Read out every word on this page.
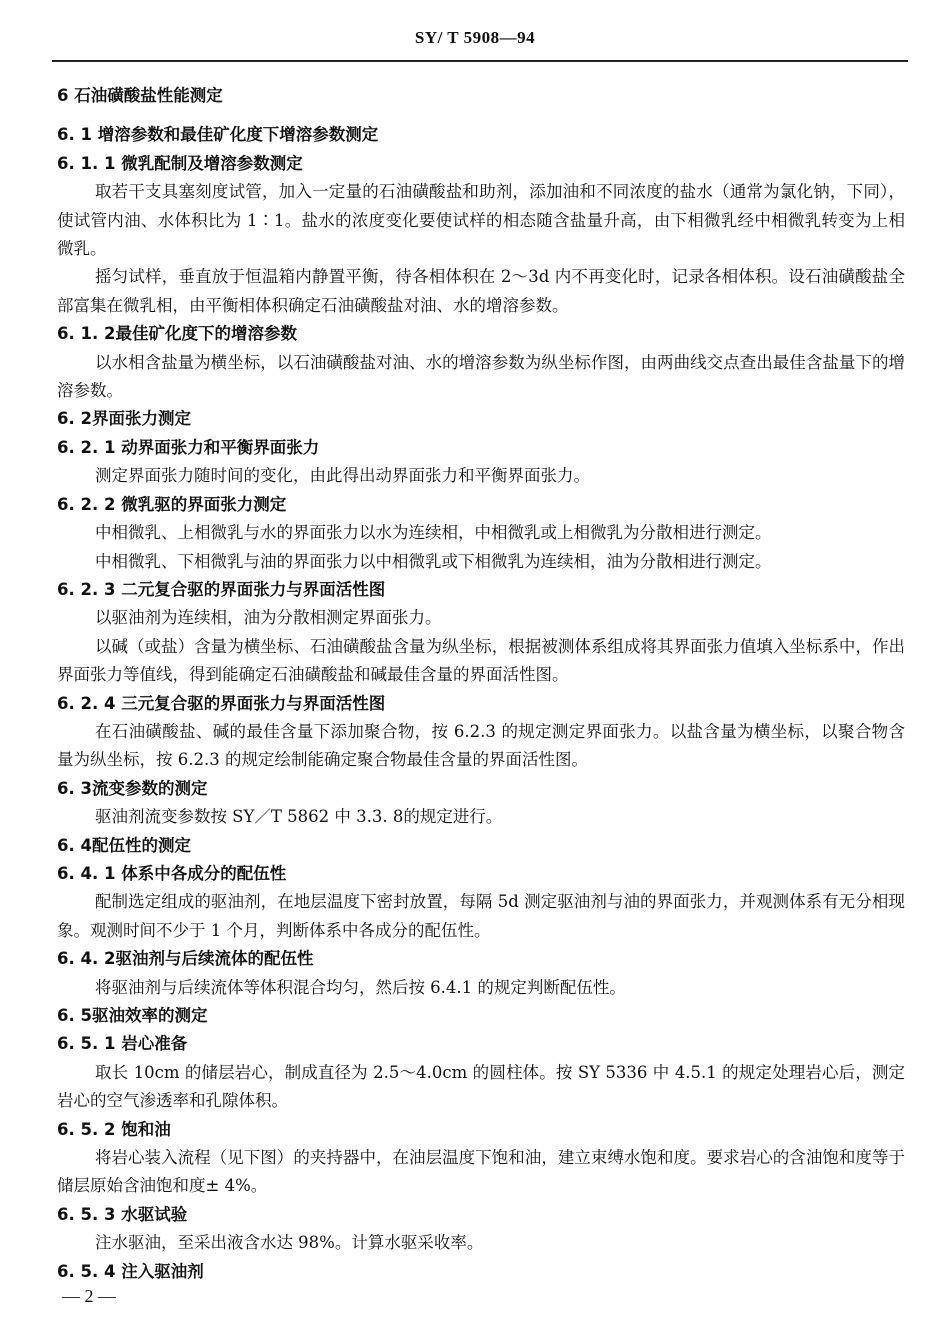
SY/ T 5908—94

6 石油磺酸盐性能测定

6. 1 增溶参数和最佳矿化度下增溶参数测定

6. 1. 1 微乳配制及增溶参数测定

取若干支具塞刻度试管，加入一定量的石油磺酸盐和助剂，添加油和不同浓度的盐水（通常为氯化钠，下同），使试管内油、水体积比为 1∶1。盐水的浓度变化要使试样的相态随含盐量升高，由下相微乳经中相微乳转变为上相微乳。

摇匀试样，垂直放于恒温箱内静置平衡，待各相体积在 2～3d 内不再变化时，记录各相体积。设石油磺酸盐全部富集在微乳相，由平衡相体积确定石油磺酸盐对油、水的增溶参数。

6. 1. 2最佳矿化度下的增溶参数

以水相含盐量为横坐标，以石油磺酸盐对油、水的增溶参数为纵坐标作图，由两曲线交点查出最佳含盐量下的增溶参数。

6. 2界面张力测定

6. 2. 1 动界面张力和平衡界面张力

测定界面张力随时间的变化，由此得出动界面张力和平衡界面张力。

6. 2. 2 微乳驱的界面张力测定

中相微乳、上相微乳与水的界面张力以水为连续相，中相微乳或上相微乳为分散相进行测定。

中相微乳、下相微乳与油的界面张力以中相微乳或下相微乳为连续相，油为分散相进行测定。

6. 2. 3 二元复合驱的界面张力与界面活性图

以驱油剂为连续相，油为分散相测定界面张力。

以碱（或盐）含量为横坐标、石油磺酸盐含量为纵坐标，根据被测体系组成将其界面张力值填入坐标系中，作出界面张力等值线，得到能确定石油磺酸盐和碱最佳含量的界面活性图。

6. 2. 4 三元复合驱的界面张力与界面活性图

在石油磺酸盐、碱的最佳含量下添加聚合物，按 6.2.3 的规定测定界面张力。以盐含量为横坐标，以聚合物含量为纵坐标，按 6.2.3 的规定绘制能确定聚合物最佳含量的界面活性图。

6. 3流变参数的测定

驱油剂流变参数按 SY／T 5862 中 3.3. 8的规定进行。

6. 4配伍性的测定

6. 4. 1 体系中各成分的配伍性

配制选定组成的驱油剂，在地层温度下密封放置，每隔 5d 测定驱油剂与油的界面张力，并观测体系有无分相现象。观测时间不少于 1 个月，判断体系中各成分的配伍性。

6. 4. 2驱油剂与后续流体的配伍性

将驱油剂与后续流体等体积混合均匀，然后按 6.4.1 的规定判断配伍性。

6. 5驱油效率的测定

6. 5. 1 岩心准备

取长 10cm 的储层岩心，制成直径为 2.5～4.0cm 的圆柱体。按 SY 5336 中 4.5.1 的规定处理岩心后，测定岩心的空气渗透率和孔隙体积。

6. 5. 2 饱和油

将岩心装入流程（见下图）的夹持器中，在油层温度下饱和油，建立束缚水饱和度。要求岩心的含油饱和度等于储层原始含油饱和度± 4%。

6. 5. 3 水驱试验

注水驱油，至采出液含水达 98%。计算水驱采收率。

6. 5. 4 注入驱油剂

— 2 —
